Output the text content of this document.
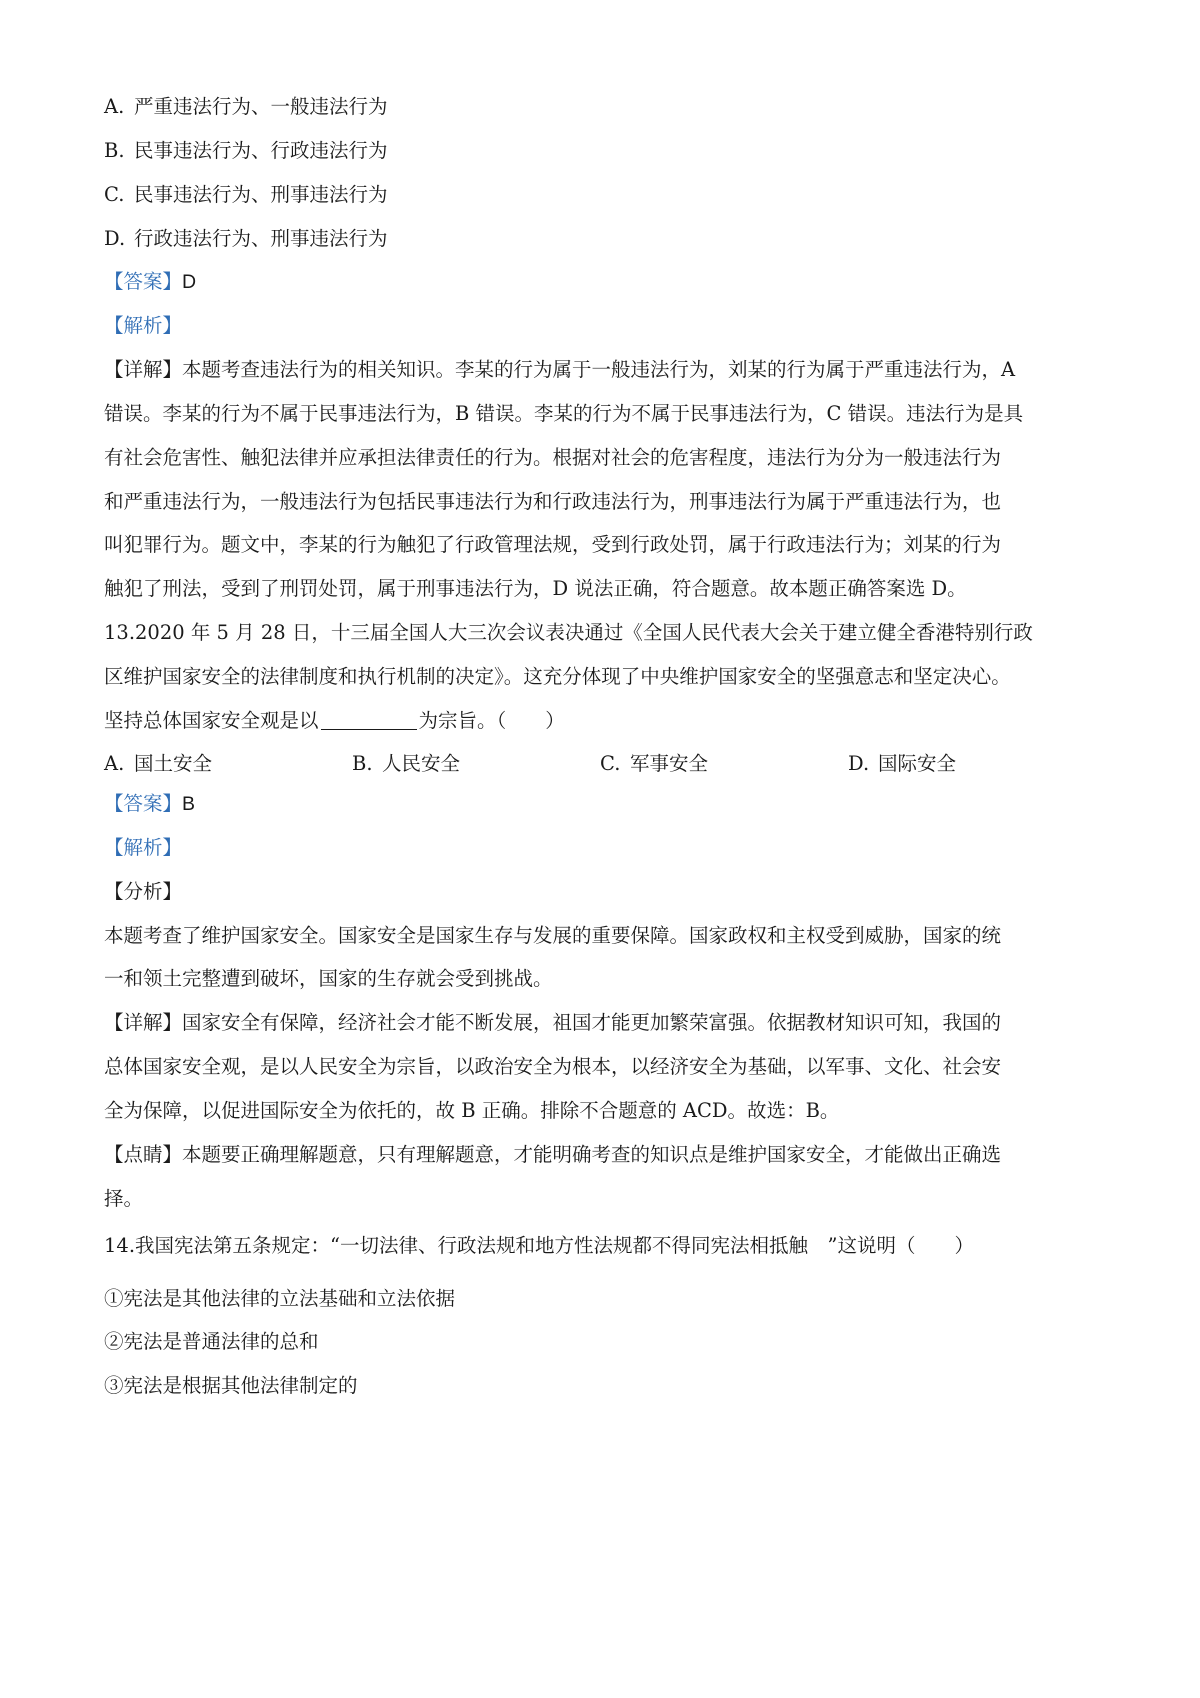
A. 严重违法行为、一般违法行为
B. 民事违法行为、行政违法行为
C. 民事违法行为、刑事违法行为
D. 行政违法行为、刑事违法行为
【答案】D
【解析】
【详解】本题考查违法行为的相关知识。李某的行为属于一般违法行为，刘某的行为属于严重违法行为，A
错误。李某的行为不属于民事违法行为，B 错误。李某的行为不属于民事违法行为，C 错误。违法行为是具
有社会危害性、触犯法律并应承担法律责任的行为。根据对社会的危害程度，违法行为分为一般违法行为
和严重违法行为，一般违法行为包括民事违法行为和行政违法行为，刑事违法行为属于严重违法行为，也
叫犯罪行为。题文中，李某的行为触犯了行政管理法规，受到行政处罚，属于行政违法行为；刘某的行为
触犯了刑法，受到了刑罚处罚，属于刑事违法行为，D 说法正确，符合题意。故本题正确答案选 D。
13.2020 年 5 月 28 日，十三届全国人大三次会议表决通过《全国人民代表大会关于建立健全香港特别行政
区维护国家安全的法律制度和执行机制的决定》。这充分体现了中央维护国家安全的坚强意志和坚定决心。
坚持总体国家安全观是以	为宗旨。（　　）
A. 国土安全	B. 人民安全	C. 军事安全	D. 国际安全
【答案】B
【解析】
【分析】
本题考查了维护国家安全。国家安全是国家生存与发展的重要保障。国家政权和主权受到威胁，国家的统
一和领土完整遭到破坏，国家的生存就会受到挑战。
【详解】国家安全有保障，经济社会才能不断发展，祖国才能更加繁荣富强。依据教材知识可知，我国的
总体国家安全观，是以人民安全为宗旨，以政治安全为根本，以经济安全为基础，以军事、文化、社会安
全为保障，以促进国际安全为依托的，故 B 正确。排除不合题意的 ACD。故选：B。
【点睛】本题要正确理解题意，只有理解题意，才能明确考查的知识点是维护国家安全，才能做出正确选
择。
14.我国宪法第五条规定：“一切法律、行政法规和地方性法规都不得同宪法相抵触　”这说明（　　）
①宪法是其他法律的立法基础和立法依据
②宪法是普通法律的总和
③宪法是根据其他法律制定的
